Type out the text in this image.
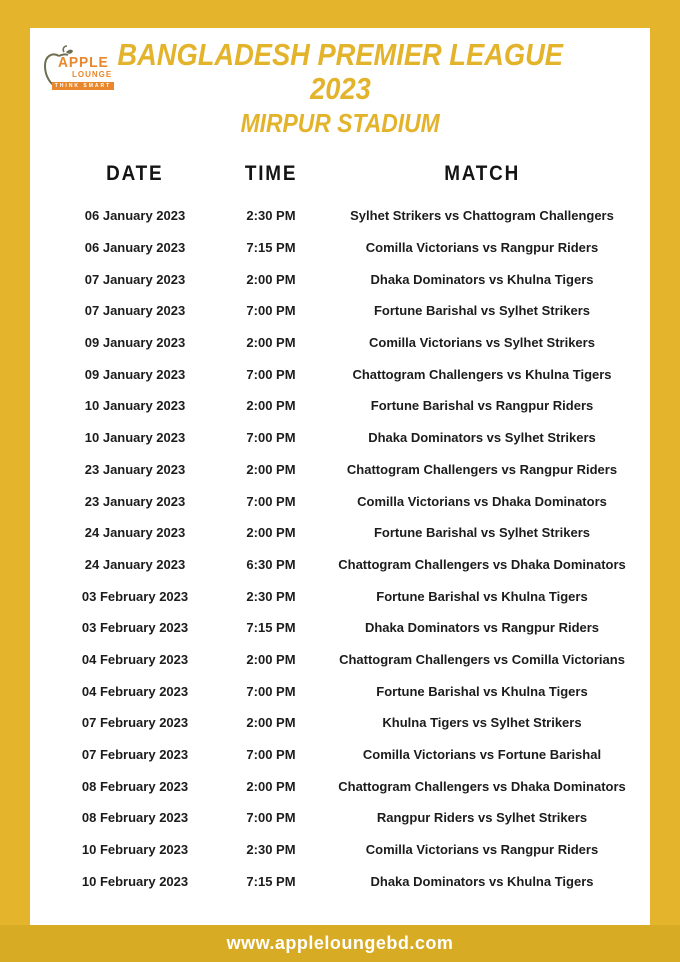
APPLE
LOUNGE
THINK SMART
BANGLADESH PREMIER LEAGUE
2023
MIRPUR STADIUM
DATE	TIME	MATCH
06 January 2023	2:30 PM	Sylhet Strikers vs Chattogram Challengers
06 January 2023	7:15 PM	Comilla Victorians vs Rangpur Riders
07 January 2023	2:00 PM	Dhaka Dominators vs Khulna Tigers
07 January 2023	7:00 PM	Fortune Barishal vs Sylhet Strikers
09 January 2023	2:00 PM	Comilla Victorians vs Sylhet Strikers
09 January 2023	7:00 PM	Chattogram Challengers vs Khulna Tigers
10 January 2023	2:00 PM	Fortune Barishal vs Rangpur Riders
10 January 2023	7:00 PM	Dhaka Dominators vs Sylhet Strikers
23 January 2023	2:00 PM	Chattogram Challengers vs Rangpur Riders
23 January 2023	7:00 PM	Comilla Victorians vs Dhaka Dominators
24 January 2023	2:00 PM	Fortune Barishal vs Sylhet Strikers
24 January 2023	6:30 PM	Chattogram Challengers vs Dhaka Dominators
03 February 2023	2:30 PM	Fortune Barishal vs Khulna Tigers
03 February 2023	7:15 PM	Dhaka Dominators vs Rangpur Riders
04 February 2023	2:00 PM	Chattogram Challengers vs Comilla Victorians
04 February 2023	7:00 PM	Fortune Barishal vs Khulna Tigers
07 February 2023	2:00 PM	Khulna Tigers vs Sylhet Strikers
07 February 2023	7:00 PM	Comilla Victorians vs Fortune Barishal
08 February 2023	2:00 PM	Chattogram Challengers vs Dhaka Dominators
08 February 2023	7:00 PM	Rangpur Riders vs Sylhet Strikers
10 February 2023	2:30 PM	Comilla Victorians vs Rangpur Riders
10 February 2023	7:15 PM	Dhaka Dominators vs Khulna Tigers
www.appleloungebd.com
